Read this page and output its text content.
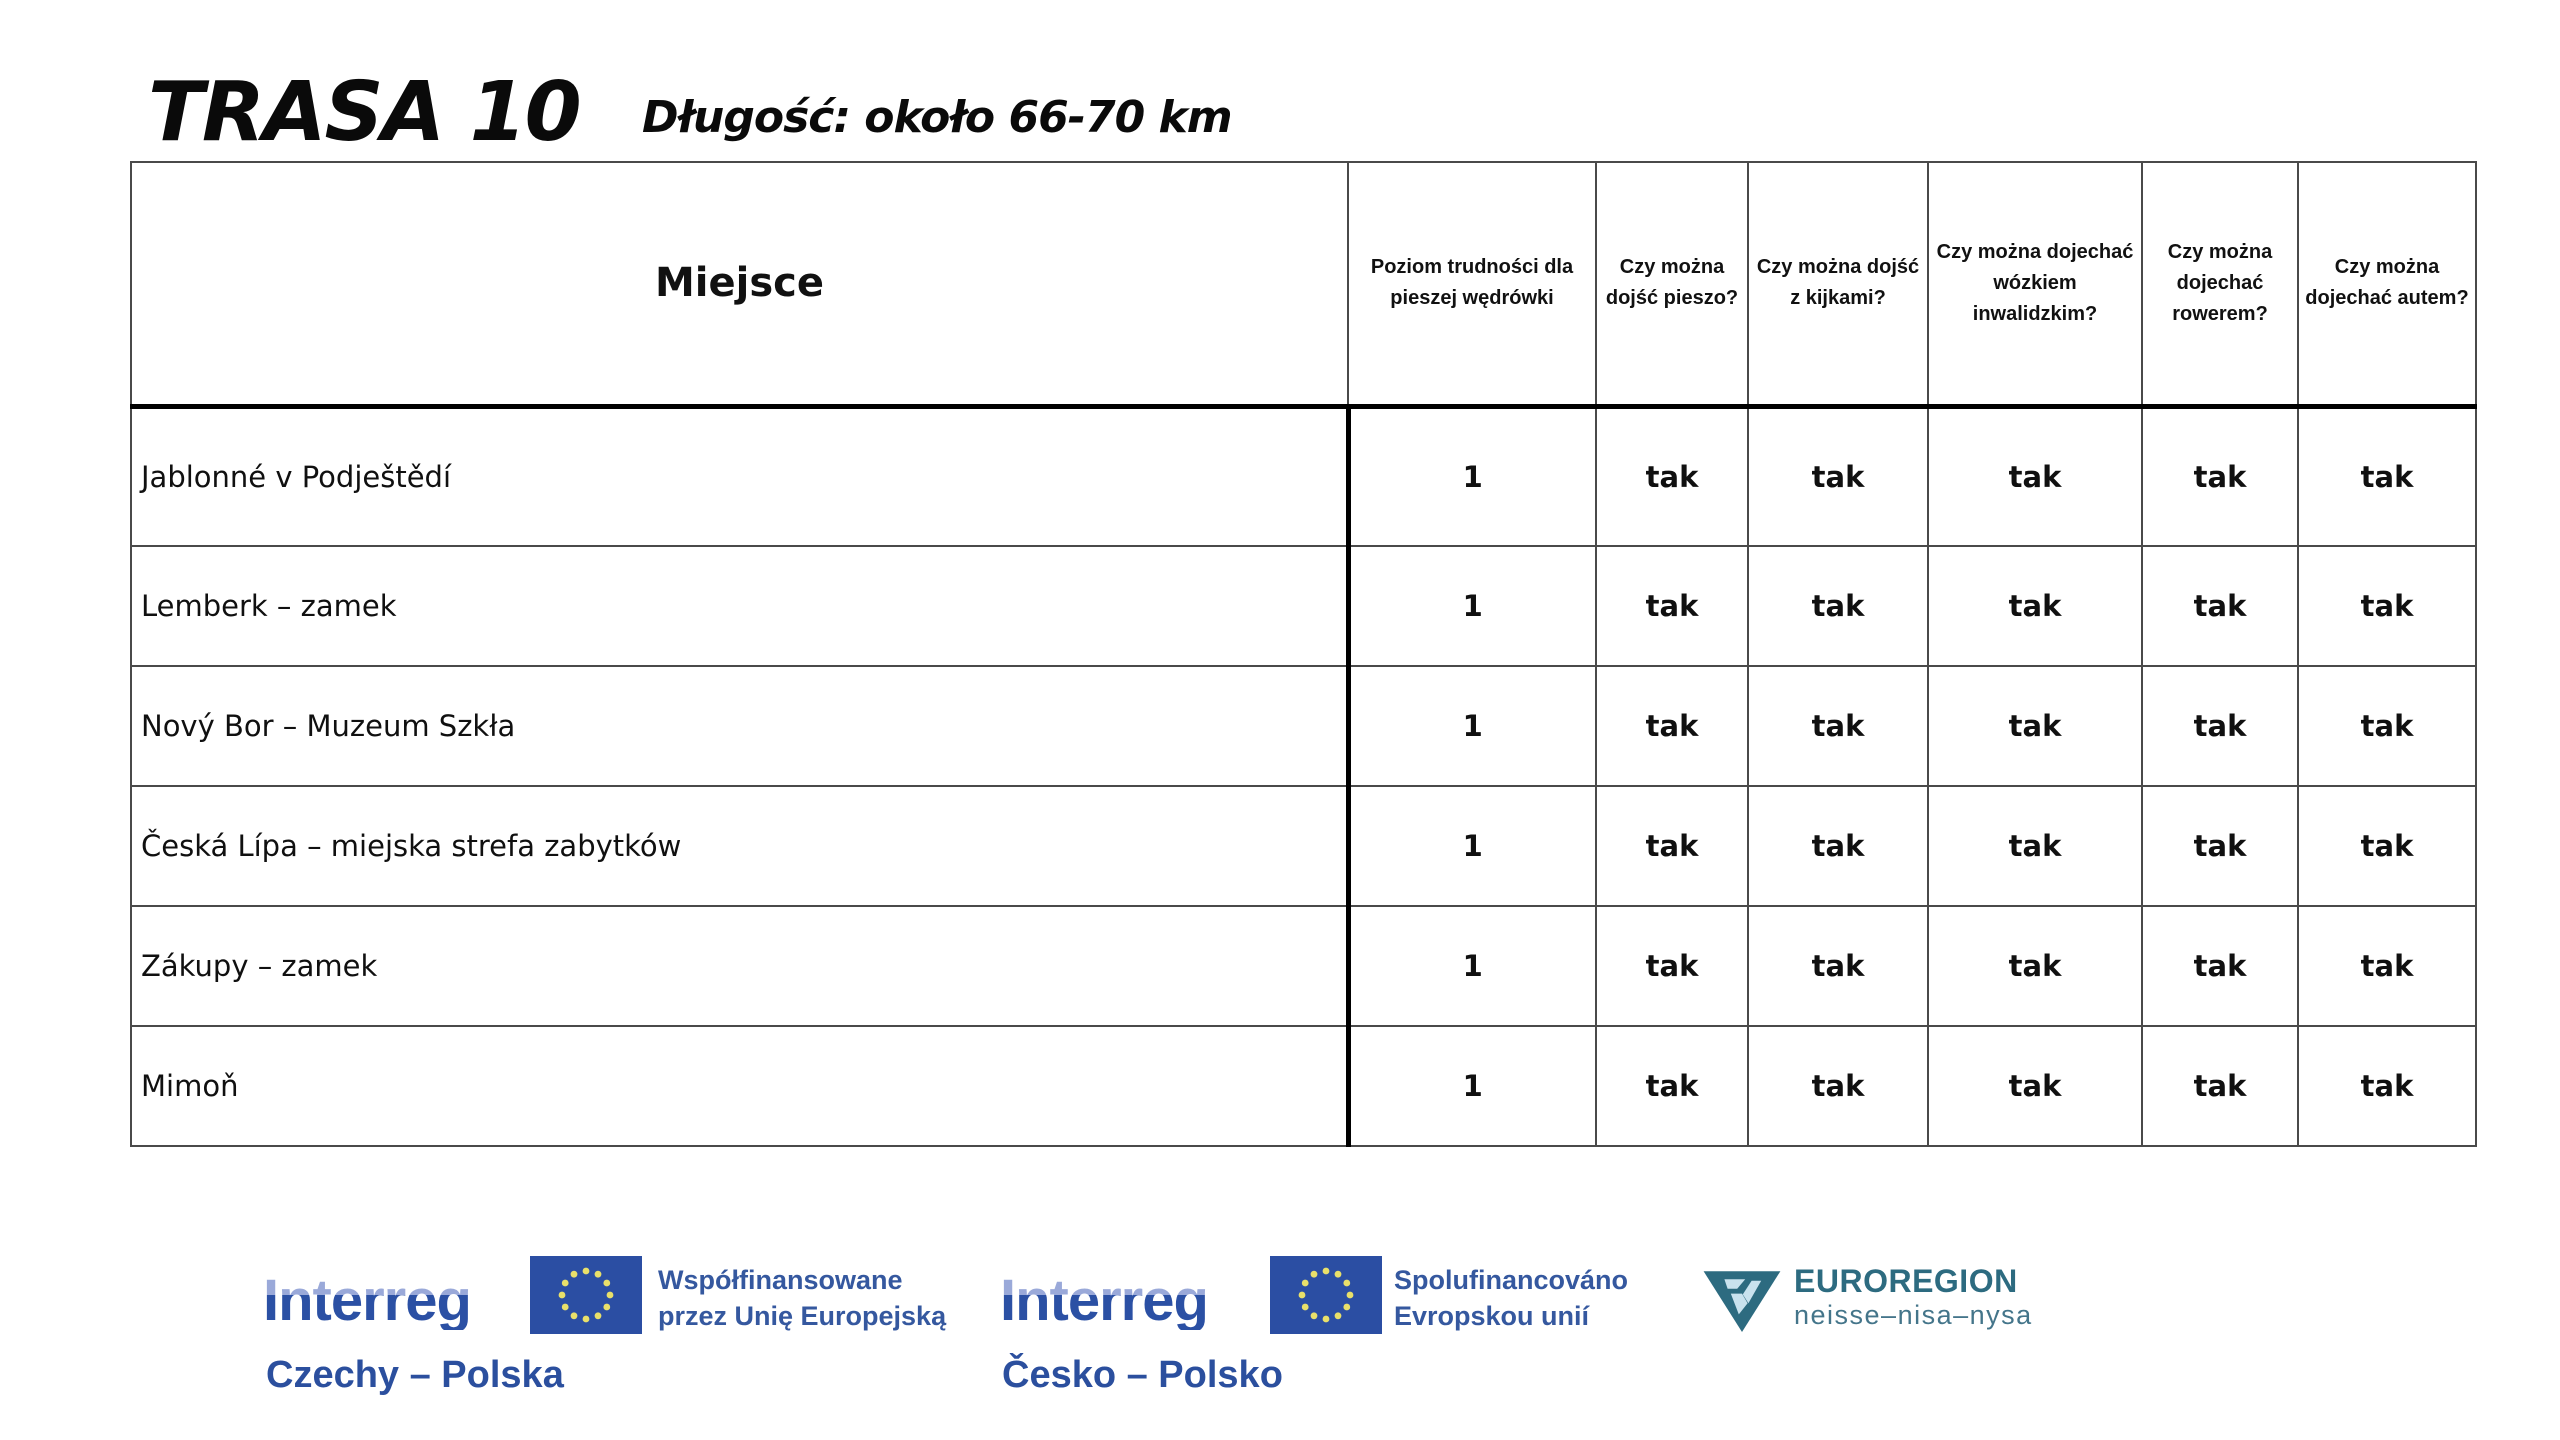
TRASA 10 Długość: około 66-70 km
Miejsce	Poziom trudności dla pieszej wędrówki	Czy można dojść pieszo?	Czy można dojść z kijkami?	Czy można dojechać wózkiem inwalidzkim?	Czy można dojechać rowerem?	Czy można dojechać autem?
Jablonné v Podještědí	1	tak	tak	tak	tak	tak
Lemberk – zamek	1	tak	tak	tak	tak	tak
Nový Bor – Muzeum Szkła	1	tak	tak	tak	tak	tak
Česká Lípa – miejska strefa zabytków	1	tak	tak	tak	tak	tak
Zákupy – zamek	1	tak	tak	tak	tak	tak
Mimoň	1	tak	tak	tak	tak	tak
Interreg	Współfinansowane
przez Unię Europejską
Czechy – Polska
Interreg	Spolufinancováno
Evropskou unií
Česko – Polsko
EUROREGION
neisse–nisa–nysa
